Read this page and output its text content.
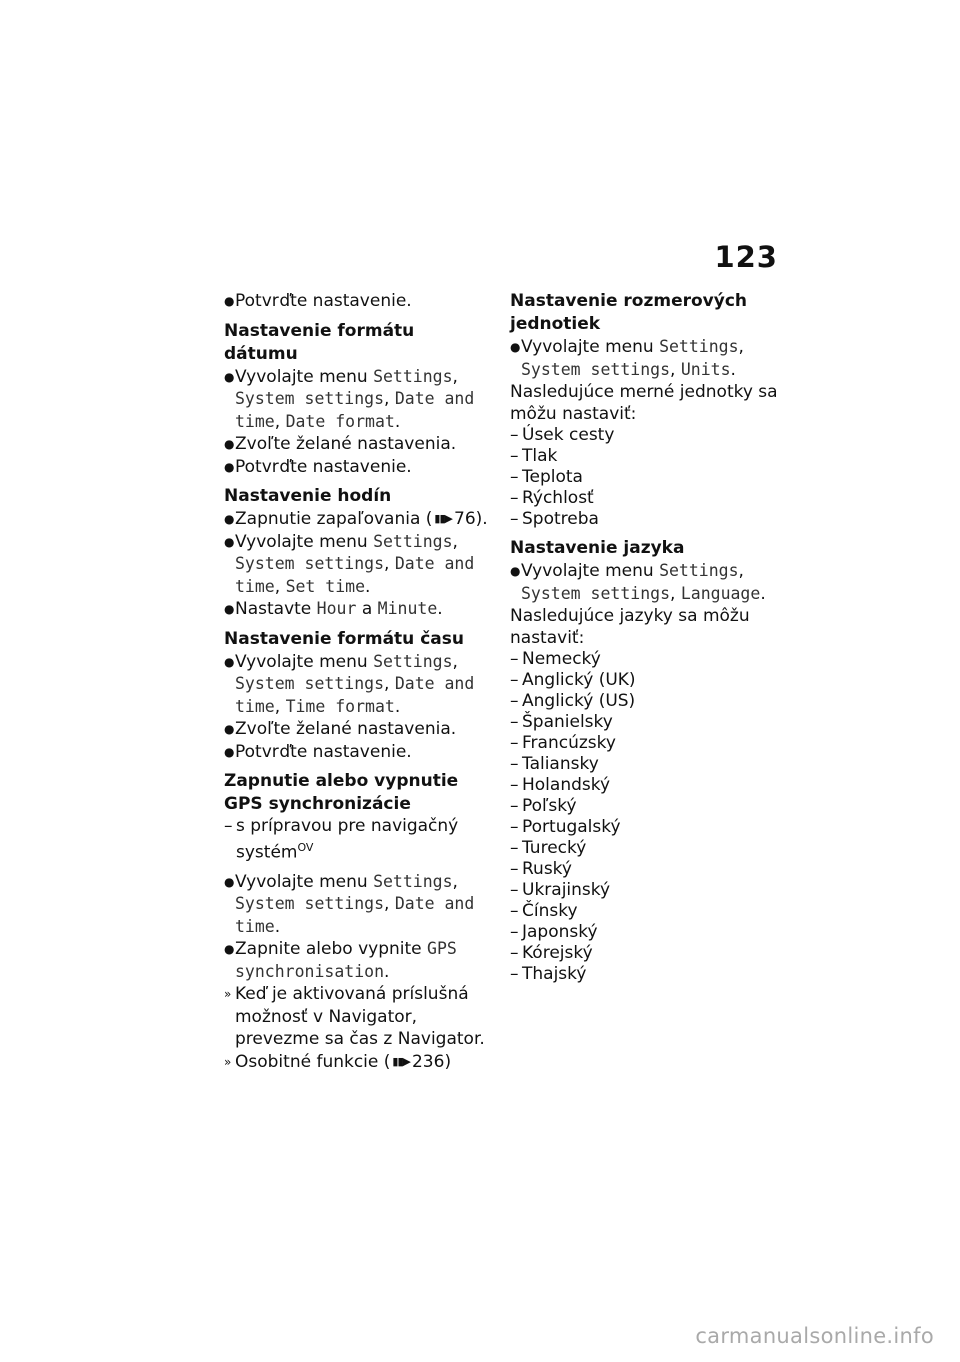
123
● Potvrďte nastavenie.
Nastavenie formátu dátumu
● Vyvolajte menu Settings, System settings, Date and time, Date format.
● Zvoľte želané nastavenia.
● Potvrďte nastavenie.
Nastavenie hodín
● Zapnutie zapaľovania ( ▮▮▶ 76).
● Vyvolajte menu Settings, System settings, Date and time, Set time.
● Nastavte Hour a Minute.
Nastavenie formátu času
● Vyvolajte menu Settings, System settings, Date and time, Time format.
● Zvoľte želané nastavenia.
● Potvrďte nastavenie.
Zapnutie alebo vypnutie GPS synchronizácie
– s prípravou pre navigačný systém$^{OV}$
● Vyvolajte menu Settings, System settings, Date and time.
● Zapnite alebo vypnite GPS synchronisation.
» Keď je aktivovaná príslušná možnosť v Navigator, prevezme sa čas z Navigator.
» Osobitné funkcie ( ▮▮▶ 236)
Nastavenie rozmerových jednotiek
● Vyvolajte menu Settings, System settings, Units.
Nasledujúce merné jednotky sa môžu nastaviť:
– Úsek cesty
– Tlak
– Teplota
– Rýchlosť
– Spotreba
Nastavenie jazyka
● Vyvolajte menu Settings, System settings, Language.
Nasledujúce jazyky sa môžu nastaviť:
– Nemecký
– Anglický (UK)
– Anglický (US)
– Španielsky
– Francúzsky
– Taliansky
– Holandský
– Poľský
– Portugalský
– Turecký
– Ruský
– Ukrajinský
– Čínsky
– Japonský
– Kórejský
– Thajský
carmanualsonline.info
